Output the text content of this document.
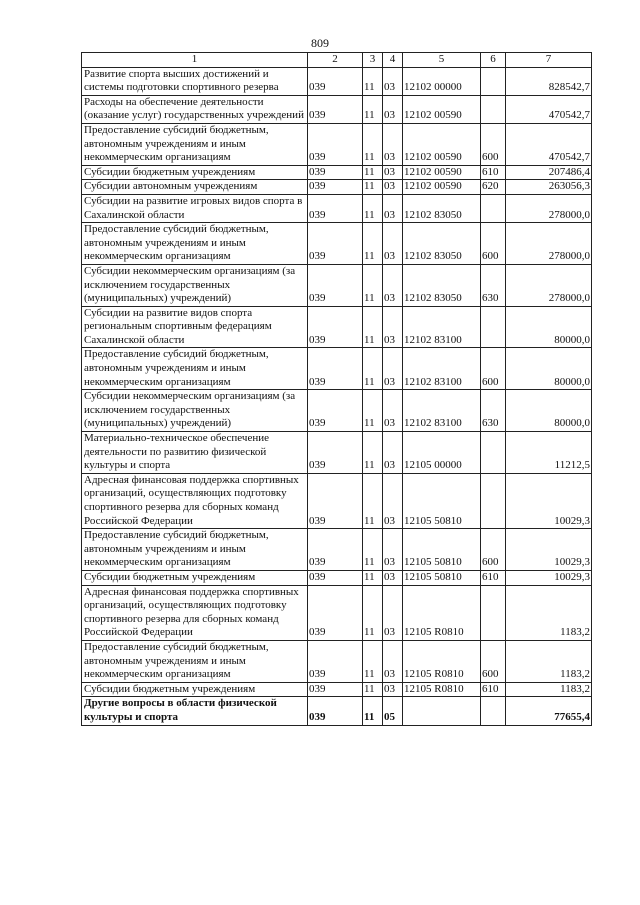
809
1	2	3	4	5	6	7
Развитие спорта высших достижений и системы подготовки спортивного резерва	039	11	03	12102 00000		828542,7
Расходы на обеспечение деятельности (оказание услуг) государственных учреждений	039	11	03	12102 00590		470542,7
Предоставление субсидий бюджетным, автономным учреждениям и иным некоммерческим организациям	039	11	03	12102 00590	600	470542,7
Субсидии бюджетным учреждениям	039	11	03	12102 00590	610	207486,4
Субсидии автономным учреждениям	039	11	03	12102 00590	620	263056,3
Субсидии на развитие игровых видов спорта в Сахалинской области	039	11	03	12102 83050		278000,0
Предоставление субсидий бюджетным, автономным учреждениям и иным некоммерческим организациям	039	11	03	12102 83050	600	278000,0
Субсидии некоммерческим организациям (за исключением государственных (муниципальных) учреждений)	039	11	03	12102 83050	630	278000,0
Субсидии на развитие видов спорта региональным спортивным федерациям Сахалинской области	039	11	03	12102 83100		80000,0
Предоставление субсидий бюджетным, автономным учреждениям и иным некоммерческим организациям	039	11	03	12102 83100	600	80000,0
Субсидии некоммерческим организациям (за исключением государственных (муниципальных) учреждений)	039	11	03	12102 83100	630	80000,0
Материально-техническое обеспечение деятельности по развитию физической культуры и спорта	039	11	03	12105 00000		11212,5
Адресная финансовая поддержка спортивных организаций, осуществляющих подготовку спортивного резерва для сборных команд Российской Федерации	039	11	03	12105 50810		10029,3
Предоставление субсидий бюджетным, автономным учреждениям и иным некоммерческим организациям	039	11	03	12105 50810	600	10029,3
Субсидии бюджетным учреждениям	039	11	03	12105 50810	610	10029,3
Адресная финансовая поддержка спортивных организаций, осуществляющих подготовку спортивного резерва для сборных команд Российской Федерации	039	11	03	12105 R0810		1183,2
Предоставление субсидий бюджетным, автономным учреждениям и иным некоммерческим организациям	039	11	03	12105 R0810	600	1183,2
Субсидии бюджетным учреждениям	039	11	03	12105 R0810	610	1183,2
Другие вопросы в области физической культуры и спорта	039	11	05			77655,4
